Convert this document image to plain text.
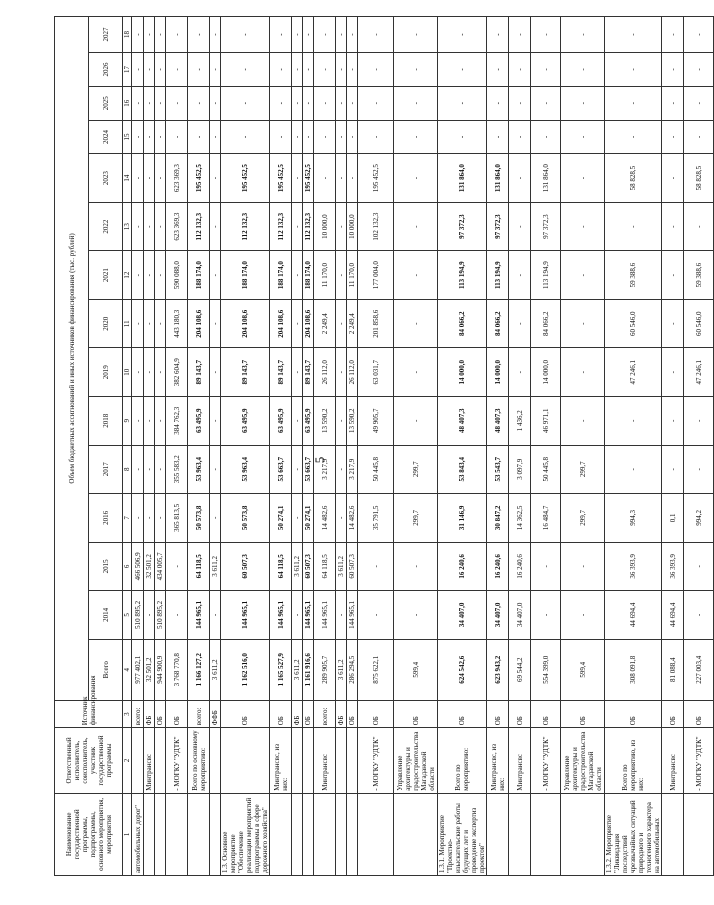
5
Наименование государственной программы, подпрограммы, основного мероприятия, мероприятия	Ответственный исполнитель, соисполнитель, участник государственной программы	Источник финансирования	Объем бюджетных ассигнований и иных источников финансирования (тыс. рублей)														
			Всего	2014	2015	2016	2017	2018	2019	2020	2021	2022	2023	2024	2025	2026	2027
1	2	3	4	5	6	7	8	9	10	11	12	13	14	15	16	17	18
автомобильных дорог"		всего:	977 402,1	510 895,2	466 506,9	-	-	-	-	-	-	-	-	-	-	-	-
	Минтрансвс	ФБ	32 501,2	-	32 501,2	-	-	-	-	-	-	-	-	-	-	-	-
		ОБ	944 900,9	510 895,2	434 005,7	-	-	-	-	-	-	-	-	-	-	-	-
	- МОГКУ "УДТК"	ОБ	3 768 770,8	-	-	365 813,5	355 583,2	384 762,3	382 604,9	443 180,3	590 088,0	623 369,3	623 369,3	-	-	-	-
	Всего по основному мероприятию:	всего:	1 166 127,2	144 965,1	64 118,5	50 573,8	53 963,4	63 495,9	89 143,7	204 108,6	188 174,0	112 132,3	195 452,5	-	-	-	-
		ФФБ	3 611,2	-	3 611,2	-	-	-	-	-	-	-	-	-	-	-	-
1.3. Основное мероприятие "Обеспечение реализации мероприятий подпрограммы в сфере дорожного хозяйства"		ОБ	1 162 516,0	144 965,1	60 507,3	50 573,8	53 963,4	63 495,9	89 143,7	204 108,6	188 174,0	112 132,3	195 452,5	-	-	-	-
	Минтрансвс, из них:	ОБ	1 165 527,9	144 965,1	64 118,5	50 274,1	53 663,7	63 495,9	89 143,7	204 108,6	188 174,0	112 132,3	195 452,5	-	-	-	-
		ФБ	3 611,2	-	3 611,2	-	-	-	-	-	-	-	-	-	-	-	-
		ОБ	1 161 916,6	144 965,1	60 507,3	50 274,1	53 663,7	63 495,9	89 143,7	204 108,6	188 174,0	112 132,3	195 452,5	-	-	-	-
	Минтрансвс	всего:	289 905,7	144 965,1	64 118,5	14 482,6	3 217,9	13 590,2	26 112,0	2 249,4	11 170,0	10 000,0	-	-	-	-	-
		ФБ	3 611,2	-	3 611,2	-	-	-	-	-	-	-	-	-	-	-	-
		ОБ	286 294,5	144 965,1	60 507,3	14 482,6	3 217,9	13 590,2	26 112,0	2 249,4	11 170,0	10 000,0	-	-	-	-	-
	- МОГКУ "УДТК"	ОБ	875 622,1	-	-	35 791,5	50 445,8	49 905,7	63 031,7	201 858,6	177 004,0	102 132,3	195 452,5	-	-	-	-
	Управление архитектуры и градостроительства Магаданской области	ОБ	599,4	-	-	299,7	299,7	-	-	-	-	-	-	-	-	-	-
1.3.1. Мероприятие "Проектно-изыскательские работы будущих лет и проведение экспертиз проектов"	Всего по мероприятию:	ОБ	624 542,6	34 407,0	16 240,6	31 146,9	53 843,4	48 407,3	14 000,0	84 066,2	113 194,9	97 372,3	131 864,0	-	-	-	-
	Минтрансвс, из них:	ОБ	623 943,2	34 407,0	16 240,6	30 847,2	53 543,7	48 407,3	14 000,0	84 066,2	113 194,9	97 372,3	131 864,0	-	-	-	-
	Минтрансвс	ОБ	69 544,2	34 407,0	16 240,6	14 362,5	3 097,9	1 436,2	-	-	-	-	-	-	-	-	-
	- МОГКУ "УДТК"	ОБ	554 399,0	-	-	16 484,7	50 445,8	46 971,1	14 000,0	84 066,2	113 194,9	97 372,3	131 864,0	-	-	-	-
	Управление архитектуры и градостроительства Магаданской области	ОБ	599,4	-	-	299,7	299,7	-	-	-	-	-	-	-	-	-	-
1.3.2. Мероприятие "Ликвидация последствий чрезвычайных ситуаций природного и техногенного характера на автомобильных	Всего по мероприятию, из них:	ОБ	308 091,8	44 694,4	36 393,9	994,3	-	-	47 246,1	60 546,0	59 388,6	-	58 828,5	-	-	-	-
	Минтрансвс	ОБ	81 088,4	44 694,4	36 393,9	0,1	-	-	-	-	-	-	-	-	-	-	-
	- МОГКУ "УДТК"	ОБ	227 003,4	-	-	994,2	-	-	47 246,1	60 546,0	59 388,6	-	58 828,5	-	-	-	-
